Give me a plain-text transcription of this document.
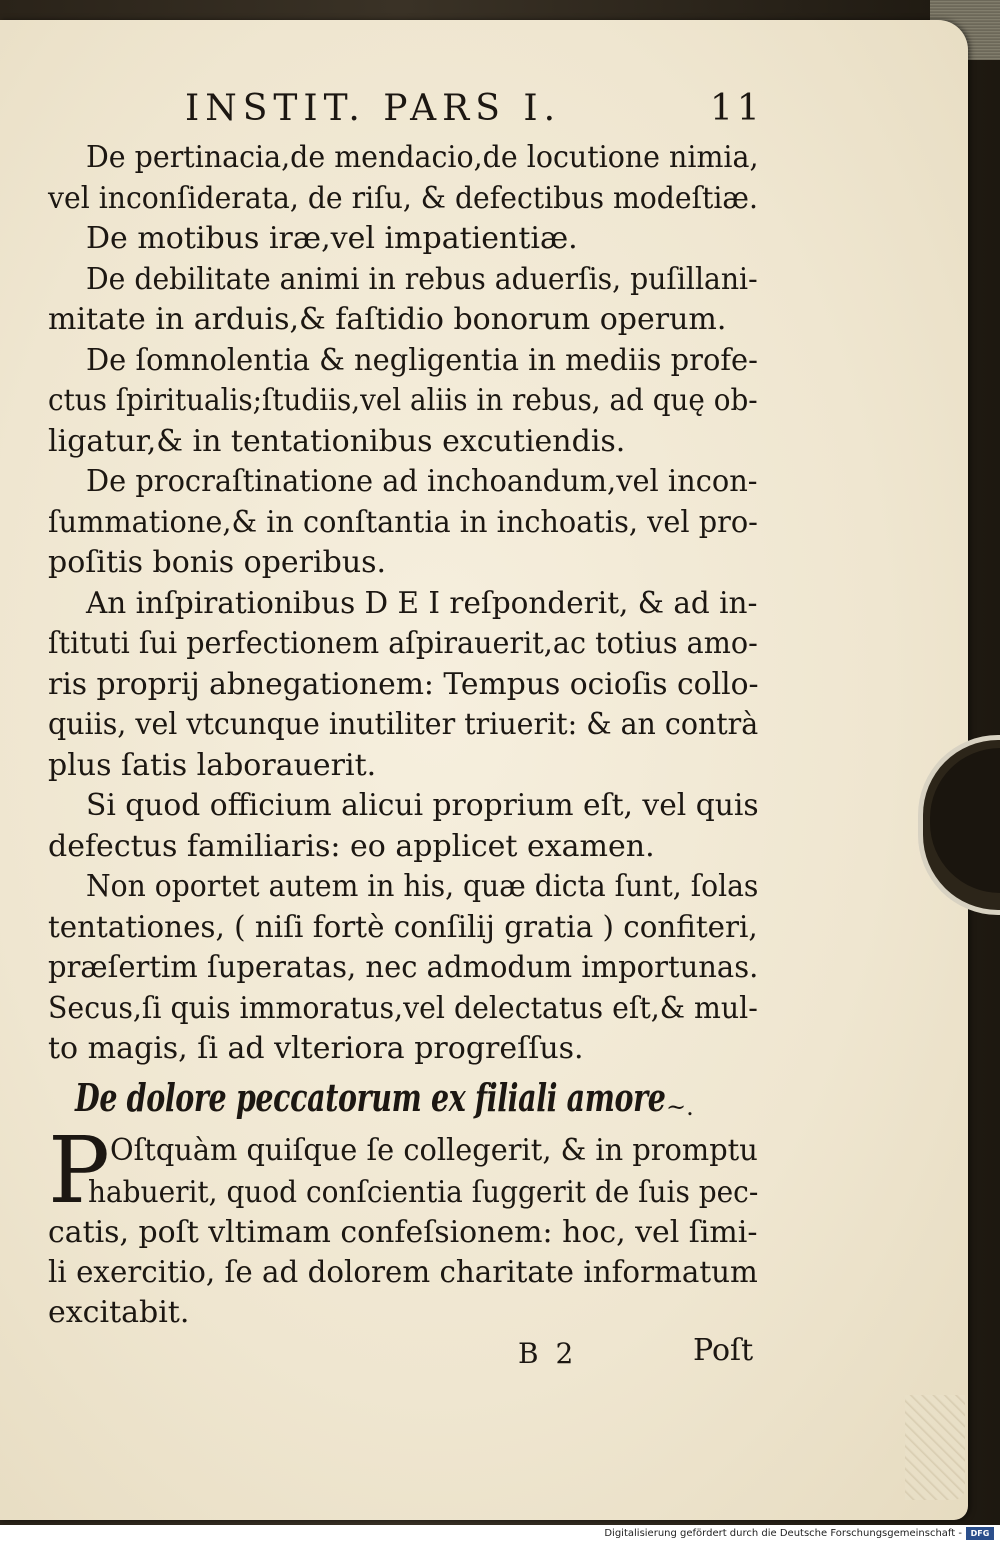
INSTIT. PARS I.	11
De pertinacia,de mendacio,de locutione nimia,
vel inconſiderata, de riſu, & defectibus modeſtiæ.
De motibus iræ,vel impatientiæ.
De debilitate animi in rebus aduerſis, puſillani-
mitate in arduis,& faſtidio bonorum operum.
De ſomnolentia & negligentia in mediis profe-
ctus ſpiritualis;ſtudiis,vel aliis in rebus, ad quę ob-
ligatur,& in tentationibus excutiendis.
De procraſtinatione ad inchoandum,vel incon-
ſummatione,& in conſtantia in inchoatis, vel pro-
poſitis bonis operibus.
An inſpirationibus D E I reſponderit, & ad in-
ſtituti ſui perfectionem aſpirauerit,ac totius amo-
ris proprij abnegationem: Tempus ocioſis collo-
quiis, vel vtcunque inutiliter triuerit: & an contrà
plus ſatis laborauerit.
Si quod officium alicui proprium eſt, vel quis
defectus familiaris: eo applicet examen.
Non oportet autem in his, quæ dicta ſunt, ſolas
tentationes, ( niſi fortè conſilij gratia ) confiteri,
præſertim ſuperatas, nec admodum importunas.
Secus,ſi quis immoratus,vel delectatus eſt,& mul-
to magis, ſi ad vlteriora progreſſus.
De dolore peccatorum ex filiali amore ~.
P Oſtquàm quiſque ſe collegerit, & in promptu
habuerit, quod conſcientia ſuggerit de ſuis pec-
catis, poſt vltimam confeſsionem: hoc, vel ſimi-
li exercitio, ſe ad dolorem charitate informatum
excitabit.
B 2	Poſt
Digitalisierung gefördert durch die Deutsche Forschungsgemeinschaft -	DFG
